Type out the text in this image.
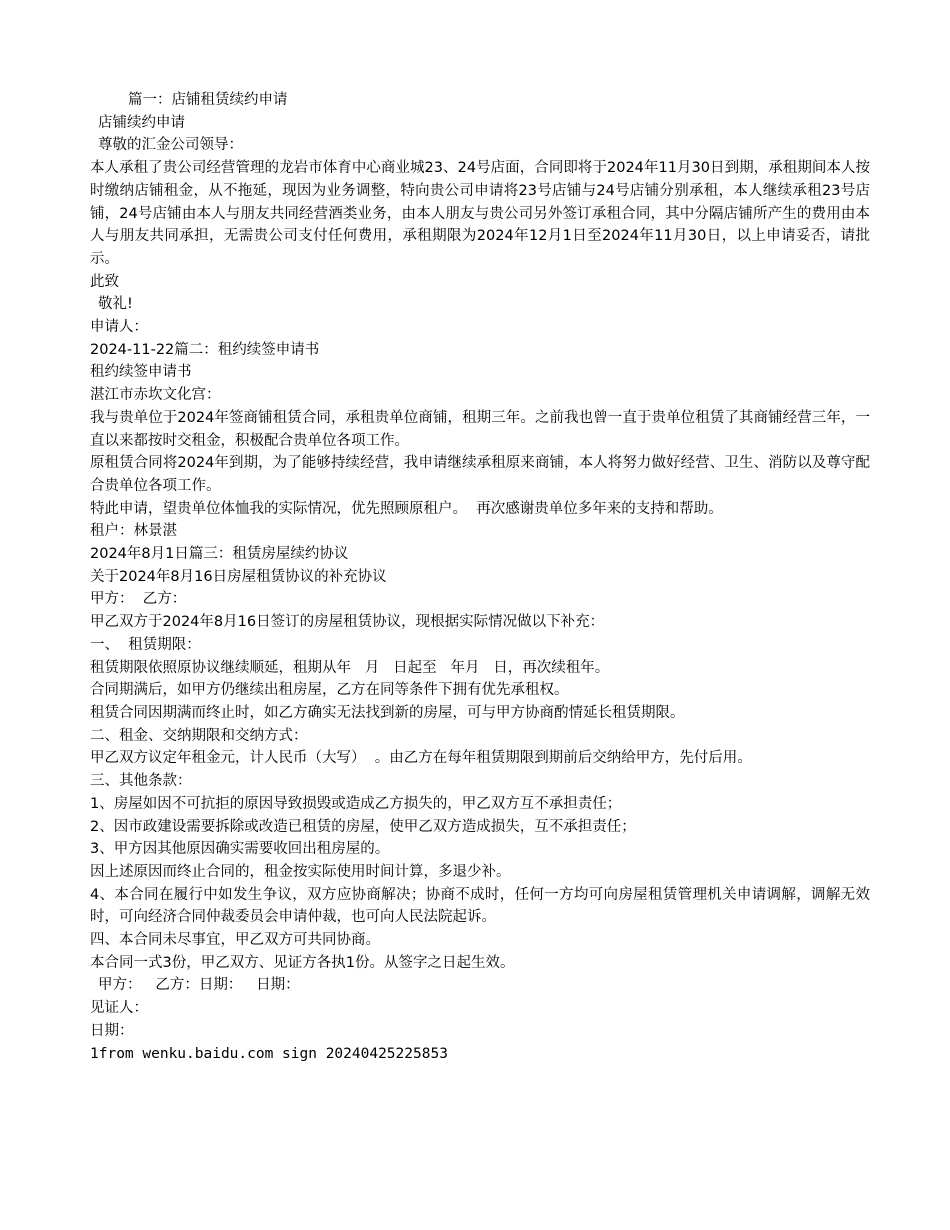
篇一：店铺租赁续约申请
店铺续约申请
尊敬的汇金公司领导：
本人承租了贵公司经营管理的龙岩市体育中心商业城23、24号店面，合同即将于2024年11月30日到期，承租期间本人按时缴纳店铺租金，从不拖延，现因为业务调整，特向贵公司申请将23号店铺与24号店铺分别承租，本人继续承租23号店铺，24号店铺由本人与朋友共同经营酒类业务，由本人朋友与贵公司另外签订承租合同，其中分隔店铺所产生的费用由本人与朋友共同承担，无需贵公司支付任何费用，承租期限为2024年12月1日至2024年11月30日，以上申请妥否，请批示。
此致
敬礼!
申请人：
2024-11-22篇二：租约续签申请书
租约续签申请书
湛江市赤坎文化宫：
我与贵单位于2024年签商铺租赁合同，承租贵单位商铺，租期三年。之前我也曾一直于贵单位租赁了其商铺经营三年，一直以来都按时交租金，积极配合贵单位各项工作。
原租赁合同将2024年到期，为了能够持续经营，我申请继续承租原来商铺，本人将努力做好经营、卫生、消防以及尊守配合贵单位各项工作。
特此申请，望贵单位体恤我的实际情况，优先照顾原租户。  再次感谢贵单位多年来的支持和帮助。
租户：林景湛
2024年8月1日篇三：租赁房屋续约协议
关于2024年8月16日房屋租赁协议的补充协议
甲方：  乙方：
甲乙双方于2024年8月16日签订的房屋租赁协议，现根据实际情况做以下补充：
一、  租赁期限：
租赁期限依照原协议继续顺延，租期从年   月   日起至   年月   日，再次续租年。
合同期满后，如甲方仍继续出租房屋，乙方在同等条件下拥有优先承租权。
租赁合同因期满而终止时，如乙方确实无法找到新的房屋，可与甲方协商酌情延长租赁期限。
二、租金、交纳期限和交纳方式：
甲乙双方议定年租金元，计人民币（大写）  。由乙方在每年租赁期限到期前后交纳给甲方，先付后用。
三、其他条款：
1、房屋如因不可抗拒的原因导致损毁或造成乙方损失的，甲乙双方互不承担责任；
2、因市政建设需要拆除或改造已租赁的房屋，使甲乙双方造成损失，互不承担责任；
3、甲方因其他原因确实需要收回出租房屋的。
因上述原因而终止合同的，租金按实际使用时间计算，多退少补。
4、本合同在履行中如发生争议，双方应协商解决；协商不成时，任何一方均可向房屋租赁管理机关申请调解，调解无效时，可向经济合同仲裁委员会申请仲裁，也可向人民法院起诉。
四、本合同未尽事宜，甲乙双方可共同协商。
本合同一式3份，甲乙双方、见证方各执1份。从签字之日起生效。
甲方：   乙方：日期：   日期：
见证人：
日期：
1from wenku.baidu.com sign 20240425225853
